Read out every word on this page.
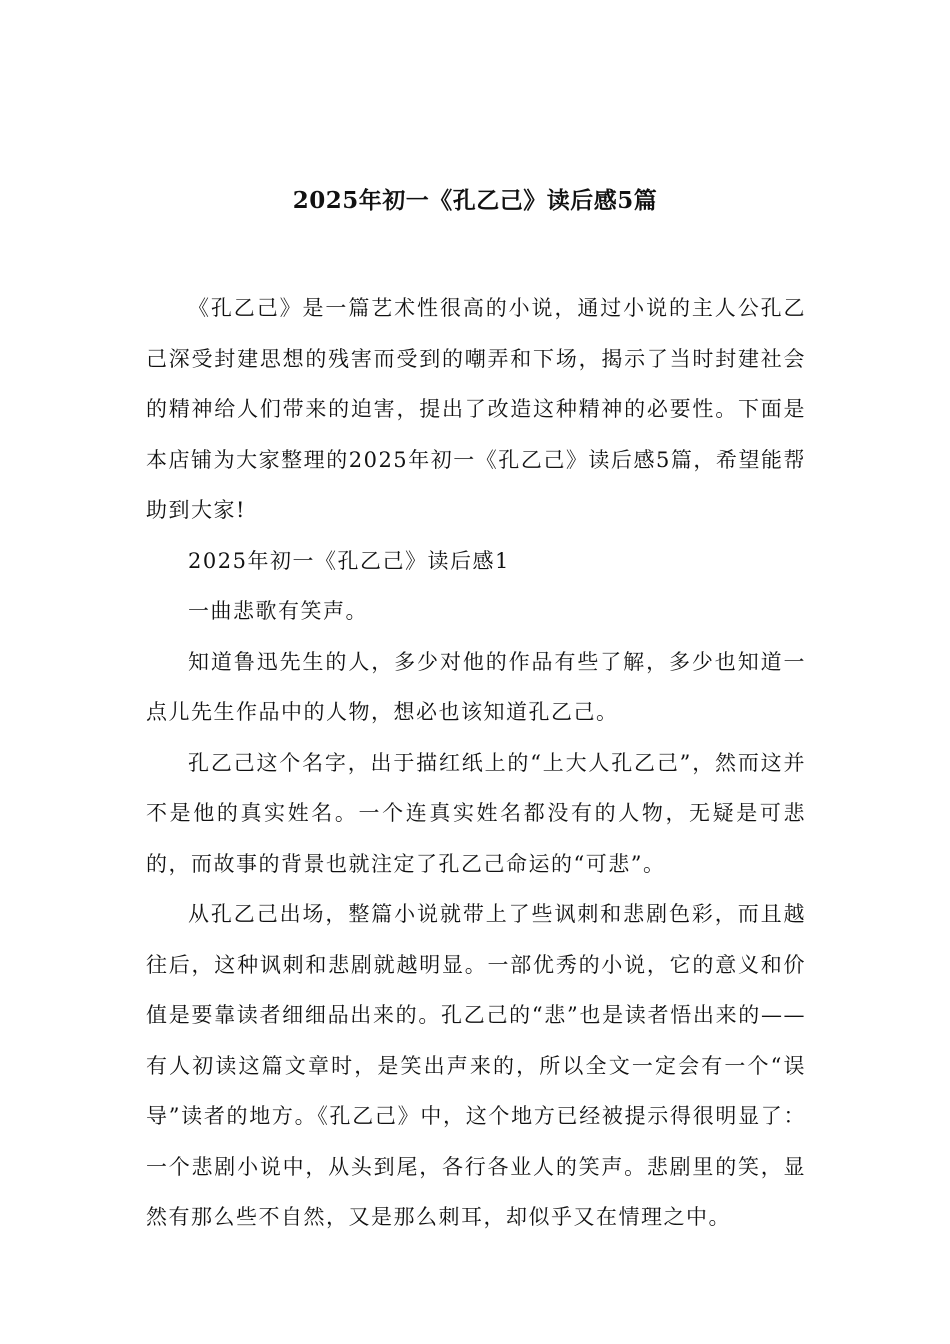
2025年初一《孔乙己》读后感5篇

《孔乙己》是一篇艺术性很高的小说，通过小说的主人公孔乙己深受封建思想的残害而受到的嘲弄和下场，揭示了当时封建社会的精神给人们带来的迫害，提出了改造这种精神的必要性。下面是本店铺为大家整理的2025年初一《孔乙己》读后感5篇，希望能帮助到大家!

2025年初一《孔乙己》读后感1

一曲悲歌有笑声。

知道鲁迅先生的人，多少对他的作品有些了解，多少也知道一点儿先生作品中的人物，想必也该知道孔乙己。

孔乙己这个名字，出于描红纸上的“上大人孔乙己”，然而这并不是他的真实姓名。一个连真实姓名都没有的人物，无疑是可悲的，而故事的背景也就注定了孔乙己命运的“可悲”。

从孔乙己出场，整篇小说就带上了些讽刺和悲剧色彩，而且越往后，这种讽刺和悲剧就越明显。一部优秀的小说，它的意义和价值是要靠读者细细品出来的。孔乙己的“悲”也是读者悟出来的——有人初读这篇文章时，是笑出声来的，所以全文一定会有一个“误导”读者的地方。《孔乙己》中，这个地方已经被提示得很明显了：一个悲剧小说中，从头到尾，各行各业人的笑声。悲剧里的笑，显然有那么些不自然，又是那么刺耳，却似乎又在情理之中。
